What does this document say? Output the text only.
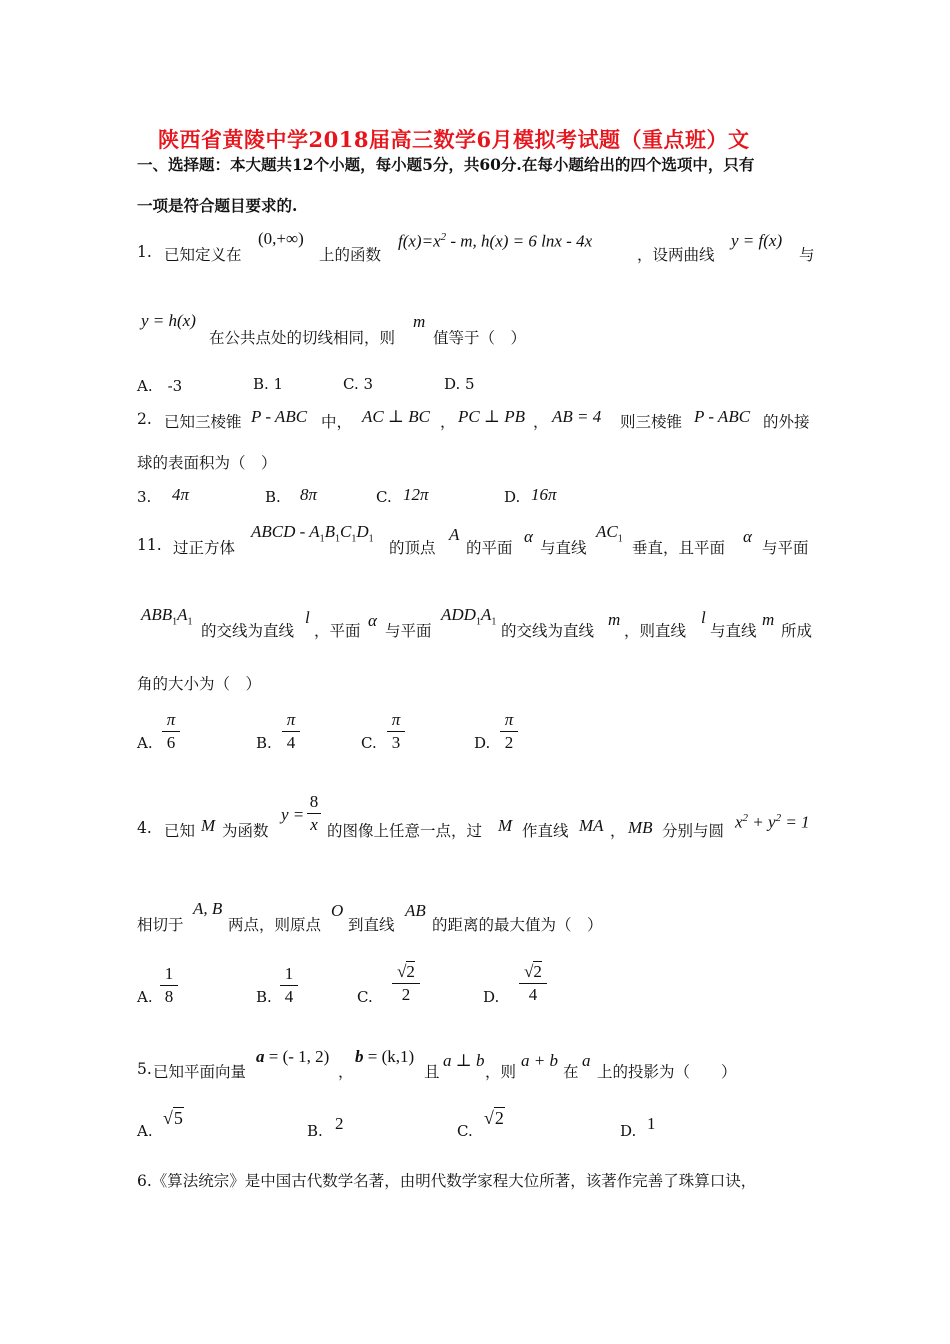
陕西省黄陵中学2018届高三数学6月模拟考试题（重点班）文
一、选择题：本大题共12个小题，每小题5分，共60分.在每小题给出的四个选项中，只有
一项是符合题目要求的.
1. 已知定义在
(0,+∞)
上的函数
$f(x)=x^2 - m$, h(x) = 6 lnx - 4x
，设两曲线
y = f(x)
与
y = h(x)
在公共点处的切线相同，则
m
值等于（　）
A.　-3	B. 1	C. 3	D. 5
2. 已知三棱锥 P - ABC 中， AC ⊥ BC ， PC ⊥ PB ， AB = 4 则三棱锥 P - ABC 的外接
球的表面积为（　）
3. 4π	B. 8π	C. 12π	D. 16π
11. 过正方体
ABCD - $A_1B_1C_1D_1$
的顶点
A
的平面
α
与直线
$AC_1$
垂直，且平面
α
与平面
$ABB_1A_1$
的交线为直线
l
，平面
α
与平面
$ADD_1A_1$
的交线为直线
m
，则直线
l
与直线
m
所成
角的大小为（　）
A.
π
6	B.
π
4	C.
π
3	D.
π
2
4. 已知 M 为函数
y =
8
x 的图像上任意一点，过 M 作直线 MA ， MB 分别与圆 $x^2 + y^2 = 1$
相切于
A, B
两点，则原点
O
到直线
AB
的距离的最大值为（　）
A.
1
8	B.
1
4	C.
√2
2	D.
√2
4
5. 已知平面向量
a = (- 1, 2)
，
b = (k,1)
且
a ⊥ b
，则
a + b
在
a
上的投影为（　　）
A.
√5
B. 2	C.
√2
D. 1
6.《算法统宗》是中国古代数学名著，由明代数学家程大位所著，该著作完善了珠算口诀，
